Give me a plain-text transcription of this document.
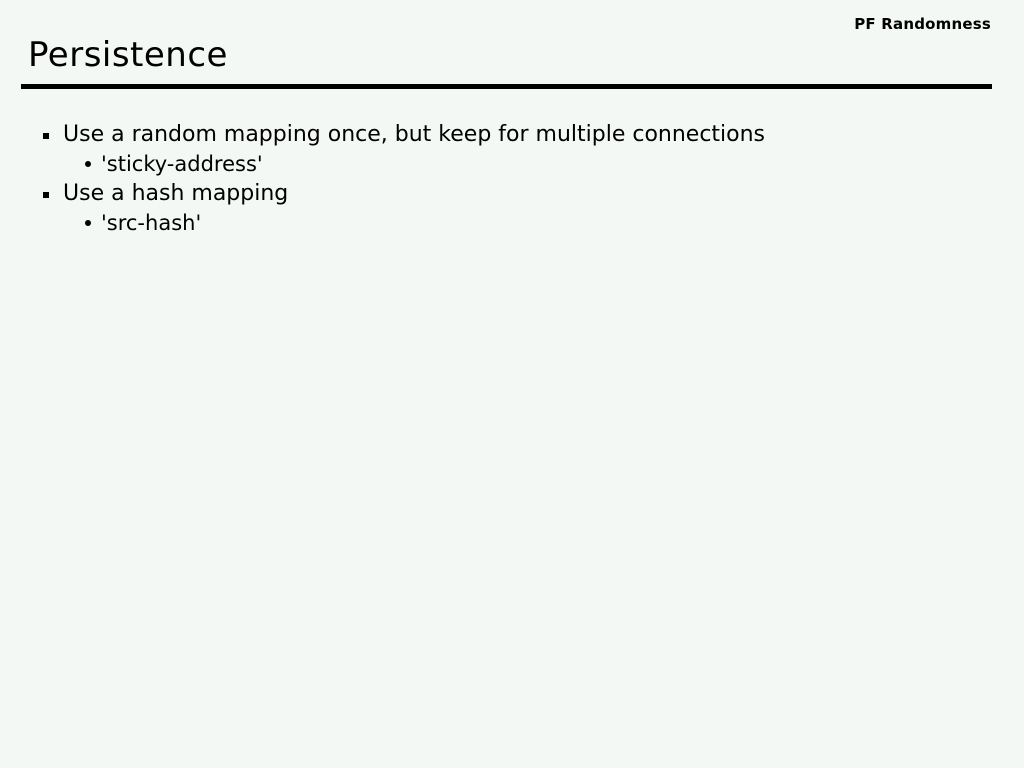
PF Randomness
Persistence
Use a random mapping once, but keep for multiple connections
'sticky-address'
Use a hash mapping
'src-hash'
